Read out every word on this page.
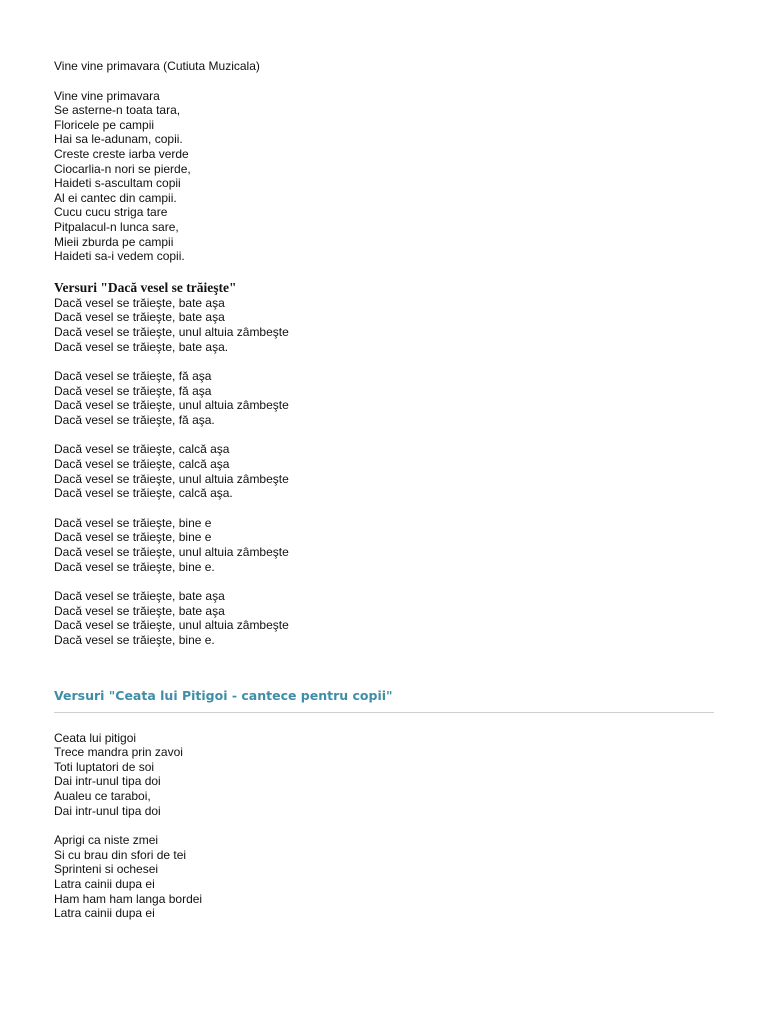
Vine vine primavara (Cutiuta Muzicala)
Vine vine primavara
Se asterne-n toata tara,
Floricele pe campii
Hai sa le-adunam, copii.
Creste creste iarba verde
Ciocarlia-n nori se pierde,
Haideti s-ascultam copii
Al ei cantec din campii.
Cucu cucu striga tare
Pitpalacul-n lunca sare,
Mieii zburda pe campii
Haideti sa-i vedem copii.
Versuri "Dacă vesel se trăieşte"
Dacă vesel se trăieşte, bate aşa
Dacă vesel se trăieşte, bate aşa
Dacă vesel se trăieşte, unul altuia zâmbeşte
Dacă vesel se trăieşte, bate aşa.
Dacă vesel se trăieşte, fă aşa
Dacă vesel se trăieşte, fă aşa
Dacă vesel se trăieşte, unul altuia zâmbeşte
Dacă vesel se trăieşte, fă aşa.
Dacă vesel se trăieşte, calcă aşa
Dacă vesel se trăieşte, calcă aşa
Dacă vesel se trăieşte, unul altuia zâmbeşte
Dacă vesel se trăieşte, calcă aşa.
Dacă vesel se trăieşte, bine e
Dacă vesel se trăieşte, bine e
Dacă vesel se trăieşte, unul altuia zâmbeşte
Dacă vesel se trăieşte, bine e.
Dacă vesel se trăieşte, bate aşa
Dacă vesel se trăieşte, bate aşa
Dacă vesel se trăieşte, unul altuia zâmbeşte
Dacă vesel se trăieşte, bine e.
Versuri "Ceata lui Pitigoi - cantece pentru copii"
Ceata lui pitigoi
Trece mandra prin zavoi
Toti luptatori de soi
Dai intr-unul tipa doi
Aualeu ce taraboi,
Dai intr-unul tipa doi
Aprigi ca niste zmei
Si cu brau din sfori de tei
Sprinteni si ochesei
Latra cainii dupa ei
Ham ham ham langa bordei
Latra cainii dupa ei
